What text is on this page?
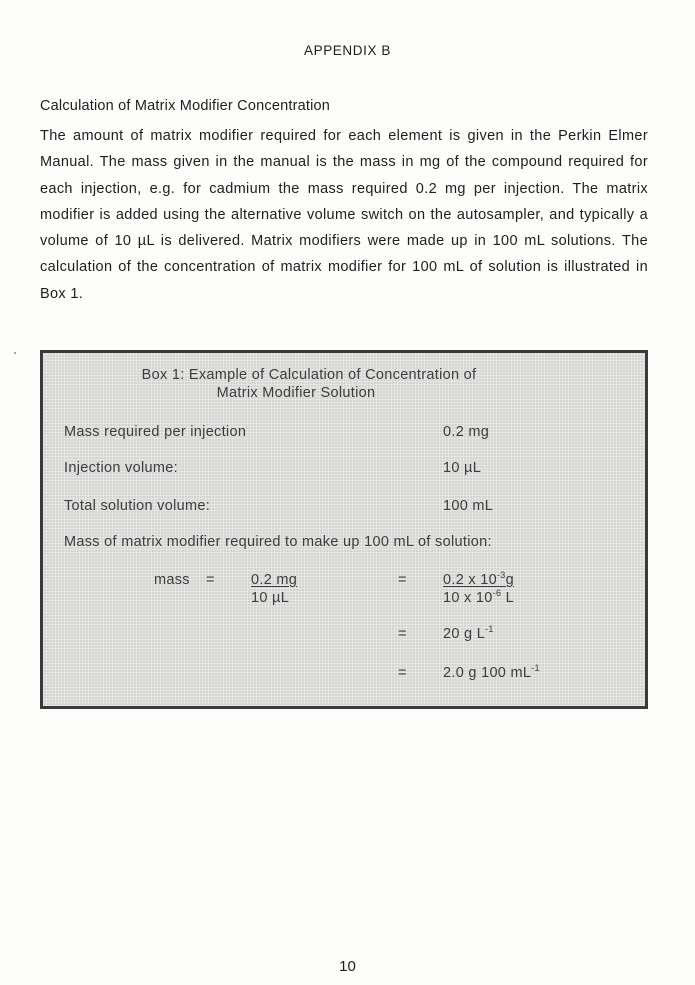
APPENDIX B
Calculation of Matrix Modifier Concentration
The amount of matrix modifier required for each element is given in the Perkin Elmer Manual. The mass given in the manual is the mass in mg of the compound required for each injection, e.g. for cadmium the mass required 0.2 mg per injection. The matrix modifier is added using the alternative volume switch on the autosampler, and typically a volume of 10 µL is delivered. Matrix modifiers were made up in 100 mL solutions. The calculation of the concentration of matrix modifier for 100 mL of solution is illustrated in Box 1.
Box 1: Example of Calculation of Concentration of
Matrix Modifier Solution
Mass required per injection	0.2 mg
Injection volume:	10 µL
Total solution volume:	100 mL
Mass of matrix modifier required to make up 100 mL of solution:
mass = 0.2 mg
10 µL
= 0.2 x $10^{-3}g$
10 x $10^{-6}$ L
= 20 g $L^{-1}$
= 2.0 g 100 $mL^{-1}$
10
